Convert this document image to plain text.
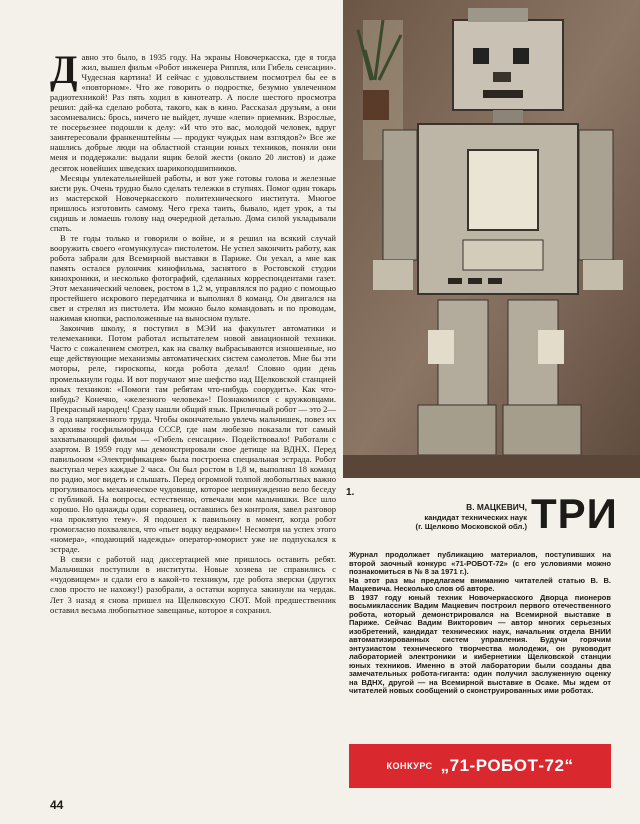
Давно это было, в 1935 году. На экраны Новочеркасска, где я тогда жил, вышел фильм «Робот инженера Риппля, или Гибель сенсации». Чудесная картина! И сейчас с удовольствием посмотрел бы ее в «повторном». Что же говорить о подростке, безумно увлеченном радиотехникой! Раз пять ходил в кинотеатр. А после шестого просмотра решил: дай-ка сделаю робота, такого, как в кино. Рассказал друзьям, а они засомневались: брось, ничего не выйдет, лучше «лепи» приемник. Взрослые, те посерьезнее подошли к делу: «И что это вас, молодой человек, вдруг заинтересовали франкенштейны — продукт чуждых нам взглядов?» Все же нашлись добрые люди на областной станции юных техников, поняли они меня и поддержали: выдали ящик белой жести (около 20 листов) и даже десяток новейших шведских шарикоподшипников.

Месяцы увлекательнейшей работы, и вот уже готовы голова и железные кисти рук. Очень трудно было сделать тележки в ступнях. Помог один токарь из мастерской Новочеркасского политехнического института. Многое пришлось изготовить самому. Чего греха таить, бывало, идет урок, а ты сидишь и ломаешь голову над очередной деталью. Дома силой укладывали спать.

В те годы только и говорили о войне, и я решил на всякий случай вооружить своего «гомункулуса» пистолетом. Не успел закончить работу, как робота забрали для Всемирной выставки в Париже. Он уехал, а мне как память остался рулончик кинофильма, заснятого в Ростовской студии кинохроники, и несколько фотографий, сделанных корреспондентами газет. Этот механический человек, ростом в 1,2 м, управлялся по радио с помощью простейшего искрового передатчика и выполнял 8 команд. Он двигался на свет и стрелял из пистолета. Им можно было командовать и по проводам, нажимая кнопки, расположенные на выносном пульте.

Закончив школу, я поступил в МЭИ на факультет автоматики и телемеханики. Потом работал испытателем новой авиационной техники. Часто с сожалением смотрел, как на свалку выбрасываются изношенные, но еще действующие механизмы автоматических систем самолетов. Мне бы эти моторы, реле, гироскопы, когда робота делал! Словно один день промелькнули годы. И вот поручают мне шефство над Щелковской станцией юных техников: «Помоги там ребятам что-нибудь соорудить». Как что-нибудь? Конечно, «железного человека»! Познакомился с кружковцами. Прекрасный народец! Сразу нашли общий язык. Приличный робот — это 2—3 года напряженного труда. Чтобы окончательно увлечь мальчишек, повез их в архивы госфильмофонда СССР, где нам любезно показали тот самый захватывающий фильм — «Гибель сенсации». Подействовало! Работали с азартом. В 1959 году мы демонстрировали свое детище на ВДНХ. Перед павильоном «Электрификация» была построена специальная эстрада. Робот выступал через каждые 2 часа. Он был ростом в 1,8 м, выполнял 18 команд по радио, мог видеть и слышать. Перед огромной толпой любопытных важно прогуливалось механическое чудовище, которое непринужденно вело беседу с публикой. На вопросы, естественно, отвечали мои мальчишки. Все шло хорошо. Но однажды один сорванец, оставшись без контроля, завел разговор «на проклятую тему». Я подошел к павильону в момент, когда робот громогласно похвалялся, что «пьет водку ведрами»! Несмотря на успех этого «номера», «подающий надежды» оператор-юморист уже не подпускался к эстраде.

В связи с работой над диссертацией мне пришлось оставить ребят. Мальчишки поступили в институты. Новые хозяева не справились с «чудовищем» и сдали его в какой-то техникум, где робота зверски (других слов просто не нахожу!) разобрали, а остатки корпуса закинули на чердак. Лет 3 назад я снова пришел на Щелковскую СЮТ. Мой предшественник оставил весьма любопытное завещанье, которое я сохранил.

1.
В. МАЦКЕВИЧ,
кандидат технических наук
(г. Щелково Московской обл.) ТРИ

Журнал продолжает публикацию материалов, поступивших на второй заочный конкурс «71-РОБОТ-72» (с его условиями можно познакомиться в № 8 за 1971 г.).

На этот раз мы предлагаем вниманию читателей статью В. В. Мацкевича. Несколько слов об авторе.

В 1937 году юный техник Новочеркасского Дворца пионеров восьмиклассник Вадим Мацкевич построил первого отечественного робота, который демонстрировался на Всемирной выставке в Париже. Сейчас Вадим Викторович — автор многих серьезных изобретений, кандидат технических наук, начальник отдела ВНИИ автоматизированных систем управления. Будучи горячим энтузиастом технического творчества молодежи, он руководит лабораторией электроники и кибернетики Щелковской станции юных техников. Именно в этой лаборатории были созданы два замечательных робота-гиганта: один получил заслуженную оценку на ВДНХ, другой — на Всемирной выставке в Осаке. Мы ждем от читателей новых сообщений о сконструированных ими роботах.

КОНКУРС „71-РОБОТ-72“
44
